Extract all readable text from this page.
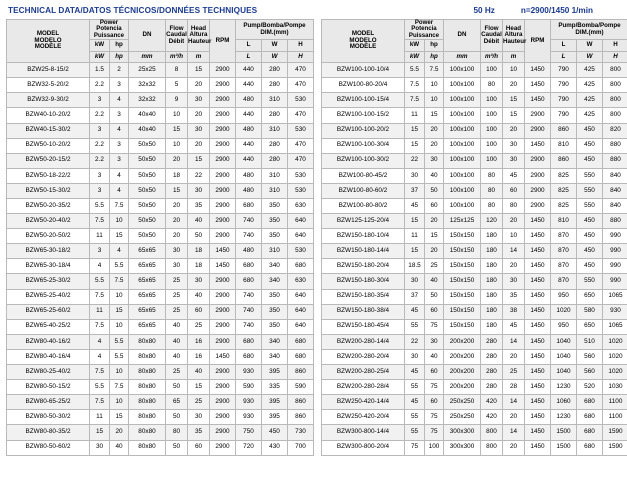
TECHNICAL DATA/DATOS TÉCNICOS/DONNÉES TECHNIQUES	50 Hz	n=2900/1450 1/min
MODEL
MODELO
MODÈLE	Power
Potencia
Puissance		DN	Flow
Caudal
Débit	Head
Altura
Hauteur	RPM	Pump/Bomba/Pompe
DIM.(mm)		
	kW	hp					L	W	H
	kW	hp	mm	m³/h	m		L	W	H
BZW25-8-15/2	1.5	2	25x25	8	15	2900	440	280	470
BZW32-5-20/2	2.2	3	32x32	5	20	2900	440	280	470
BZW32-9-30/2	3	4	32x32	9	30	2900	480	310	530
BZW40-10-20/2	2.2	3	40x40	10	20	2900	440	280	470
BZW40-15-30/2	3	4	40x40	15	30	2900	480	310	530
BZW50-10-20/2	2.2	3	50x50	10	20	2900	440	280	470
BZW50-20-15/2	2.2	3	50x50	20	15	2900	440	280	470
BZW50-18-22/2	3	4	50x50	18	22	2900	480	310	530
BZW50-15-30/2	3	4	50x50	15	30	2900	480	310	530
BZW50-20-35/2	5.5	7.5	50x50	20	35	2900	680	350	630
BZW50-20-40/2	7.5	10	50x50	20	40	2900	740	350	640
BZW50-20-50/2	11	15	50x50	20	50	2900	740	350	640
BZW65-30-18/2	3	4	65x65	30	18	1450	480	310	530
BZW65-30-18/4	4	5.5	65x65	30	18	1450	680	340	680
BZW65-25-30/2	5.5	7.5	65x65	25	30	2900	680	340	630
BZW65-25-40/2	7.5	10	65x65	25	40	2900	740	350	640
BZW65-25-60/2	11	15	65x65	25	60	2900	740	350	640
BZW65-40-25/2	7.5	10	65x65	40	25	2900	740	350	640
BZW80-40-16/2	4	5.5	80x80	40	16	2900	680	340	680
BZW80-40-16/4	4	5.5	80x80	40	16	1450	680	340	680
BZW80-25-40/2	7.5	10	80x80	25	40	2900	930	395	860
BZW80-50-15/2	5.5	7.5	80x80	50	15	2900	590	335	590
BZW80-65-25/2	7.5	10	80x80	65	25	2900	930	395	860
BZW80-50-30/2	11	15	80x80	50	30	2900	930	395	860
BZW80-80-35/2	15	20	80x80	80	35	2900	750	450	730
BZW80-50-60/2	30	40	80x80	50	60	2900	720	430	700
MODEL
MODELO
MODÈLE	Power
Potencia
Puissance		DN	Flow
Caudal
Débit	Head
Altura
Hauteur	RPM	Pump/Bomba/Pompe
DIM.(mm)		
	kW	hp					L	W	H
	kW	hp	mm	m³/h	m		L	W	H
BZW100-100-10/4	5.5	7.5	100x100	100	10	1450	790	425	800
BZW100-80-20/4	7.5	10	100x100	80	20	1450	790	425	800
BZW100-100-15/4	7.5	10	100x100	100	15	1450	790	425	800
BZW100-100-15/2	11	15	100x100	100	15	2900	790	425	800
BZW100-100-20/2	15	20	100x100	100	20	2900	860	450	820
BZW100-100-30/4	15	20	100x100	100	30	1450	810	450	880
BZW100-100-30/2	22	30	100x100	100	30	2900	860	450	880
BZW100-80-45/2	30	40	100x100	80	45	2900	825	550	840
BZW100-80-60/2	37	50	100x100	80	60	2900	825	550	840
BZW100-80-80/2	45	60	100x100	80	80	2900	825	550	840
BZW125-125-20/4	15	20	125x125	120	20	1450	810	450	880
BZW150-180-10/4	11	15	150x150	180	10	1450	870	450	990
BZW150-180-14/4	15	20	150x150	180	14	1450	870	450	990
BZW150-180-20/4	18.5	25	150x150	180	20	1450	870	450	990
BZW150-180-30/4	30	40	150x150	180	30	1450	870	550	990
BZW150-180-35/4	37	50	150x150	180	35	1450	950	650	1065
BZW150-180-38/4	45	60	150x150	180	38	1450	1020	580	930
BZW150-180-45/4	55	75	150x150	180	45	1450	950	650	1065
BZW200-280-14/4	22	30	200x200	280	14	1450	1040	510	1020
BZW200-280-20/4	30	40	200x200	280	20	1450	1040	560	1020
BZW200-280-25/4	45	60	200x200	280	25	1450	1040	560	1020
BZW200-280-28/4	55	75	200x200	280	28	1450	1230	520	1030
BZW250-420-14/4	45	60	250x250	420	14	1450	1060	680	1100
BZW250-420-20/4	55	75	250x250	420	20	1450	1230	680	1100
BZW300-800-14/4	55	75	300x300	800	14	1450	1500	680	1590
BZW300-800-20/4	75	100	300x300	800	20	1450	1500	680	1590
